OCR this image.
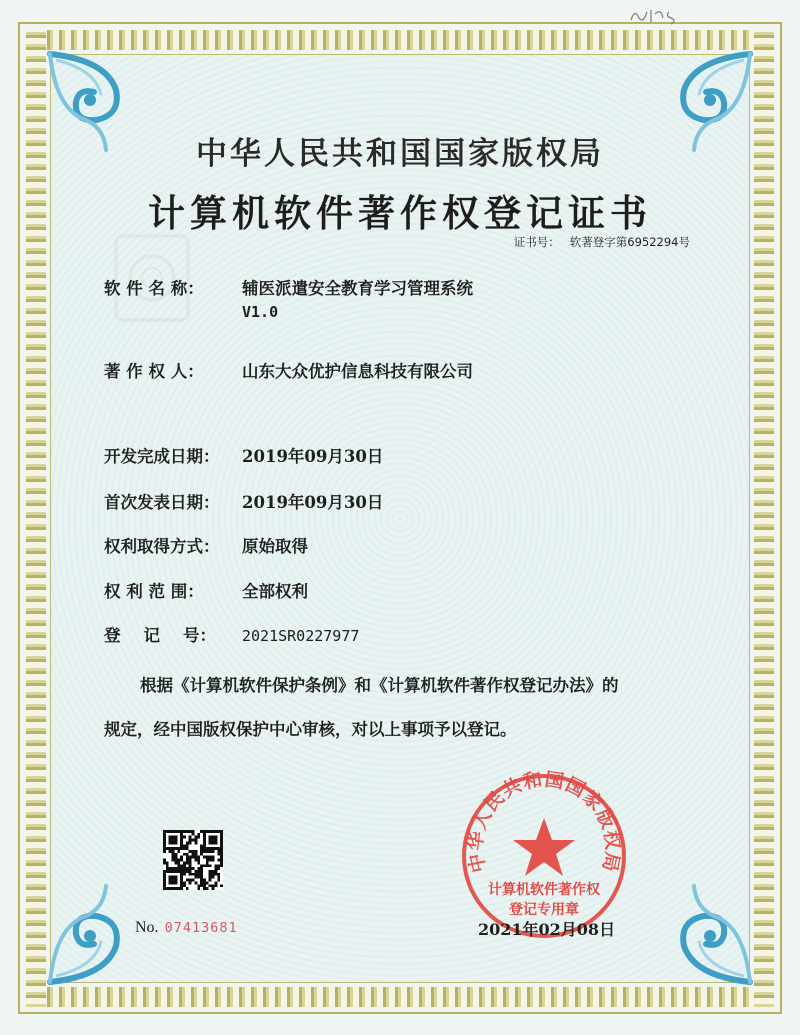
中华人民共和国国家版权局
计算机软件著作权登记证书
证书号： 软著登字第6952294号
软 件 名 称： 辅医派遣安全教育学习管理系统
V1.0
著 作 权 人： 山东大众优护信息科技有限公司
开发完成日期： 2019年09月30日
首次发表日期： 2019年09月30日
权利取得方式： 原始取得
权 利 范 围： 全部权利
登    记    号： 2021SR0227977
根据《计算机软件保护条例》和《计算机软件著作权登记办法》的
规定，经中国版权保护中心审核，对以上事项予以登记。
No. 07413681
中华人民共和国国家版权局
计算机软件著作权
登记专用章
2021年02月08日
